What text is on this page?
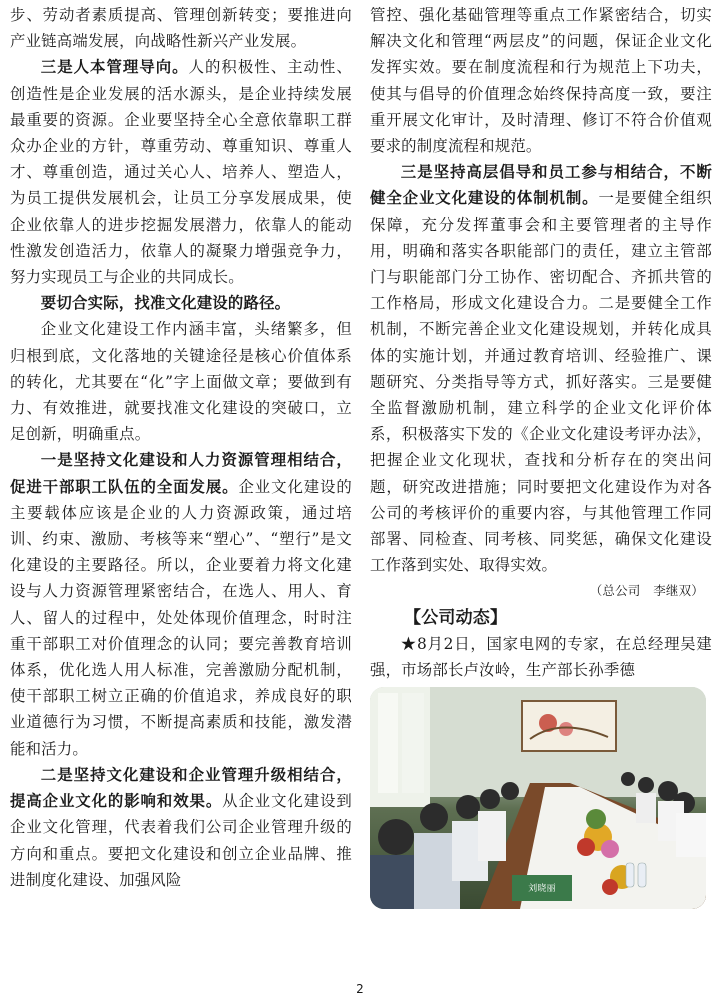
步、劳动者素质提高、管理创新转变；要推进向产业链高端发展，向战略性新兴产业发展。

三是人本管理导向。人的积极性、主动性、创造性是企业发展的活水源头，是企业持续发展最重要的资源。企业要坚持全心全意依靠职工群众办企业的方针，尊重劳动、尊重知识、尊重人才、尊重创造，通过关心人、培养人、塑造人，为员工提供发展机会，让员工分享发展成果，使企业依靠人的进步挖掘发展潜力，依靠人的能动性激发创造活力，依靠人的凝聚力增强竞争力，努力实现员工与企业的共同成长。

要切合实际，找准文化建设的路径。

企业文化建设工作内涵丰富，头绪繁多，但归根到底，文化落地的关键途径是核心价值体系的转化，尤其要在“化”字上面做文章；要做到有力、有效推进，就要找准文化建设的突破口，立足创新，明确重点。

一是坚持文化建设和人力资源管理相结合，促进干部职工队伍的全面发展。企业文化建设的主要载体应该是企业的人力资源政策，通过培训、约束、激励、考核等来“塑心”、“塑行”是文化建设的主要路径。所以，企业要着力将文化建设与人力资源管理紧密结合，在选人、用人、育人、留人的过程中，处处体现价值理念，时时注重干部职工对价值理念的认同；要完善教育培训体系，优化选人用人标准，完善激励分配机制，使干部职工树立正确的价值追求，养成良好的职业道德行为习惯，不断提高素质和技能，激发潜能和活力。

二是坚持文化建设和企业管理升级相结合，提高企业文化的影响和效果。从企业文化建设到企业文化管理，代表着我们公司企业管理升级的方向和重点。要把文化建设和创立企业品牌、推进制度化建设、加强风险

管控、强化基础管理等重点工作紧密结合，切实解决文化和管理“两层皮”的问题，保证企业文化发挥实效。要在制度流程和行为规范上下功夫，使其与倡导的价值理念始终保持高度一致，要注重开展文化审计，及时清理、修订不符合价值观要求的制度流程和规范。

三是坚持高层倡导和员工参与相结合，不断健全企业文化建设的体制机制。一是要健全组织保障，充分发挥董事会和主要管理者的主导作用，明确和落实各职能部门的责任，建立主管部门与职能部门分工协作、密切配合、齐抓共管的工作格局，形成文化建设合力。二是要健全工作机制，不断完善企业文化建设规划，并转化成具体的实施计划，并通过教育培训、经验推广、课题研究、分类指导等方式，抓好落实。三是要健全监督激励机制，建立科学的企业文化评价体系，积极落实下发的《企业文化建设考评办法》，把握企业文化现状，查找和分析存在的突出问题，研究改进措施；同时要把文化建设作为对各公司的考核评价的重要内容，与其他管理工作同部署、同检查、同考核、同奖惩，确保文化建设工作落到实处、取得实效。

（总公司　李继双）

【公司动态】

★8月2日，国家电网的专家，在总经理吴建强，市场部长卢汝岭，生产部长孙季德

刘晓丽
2
